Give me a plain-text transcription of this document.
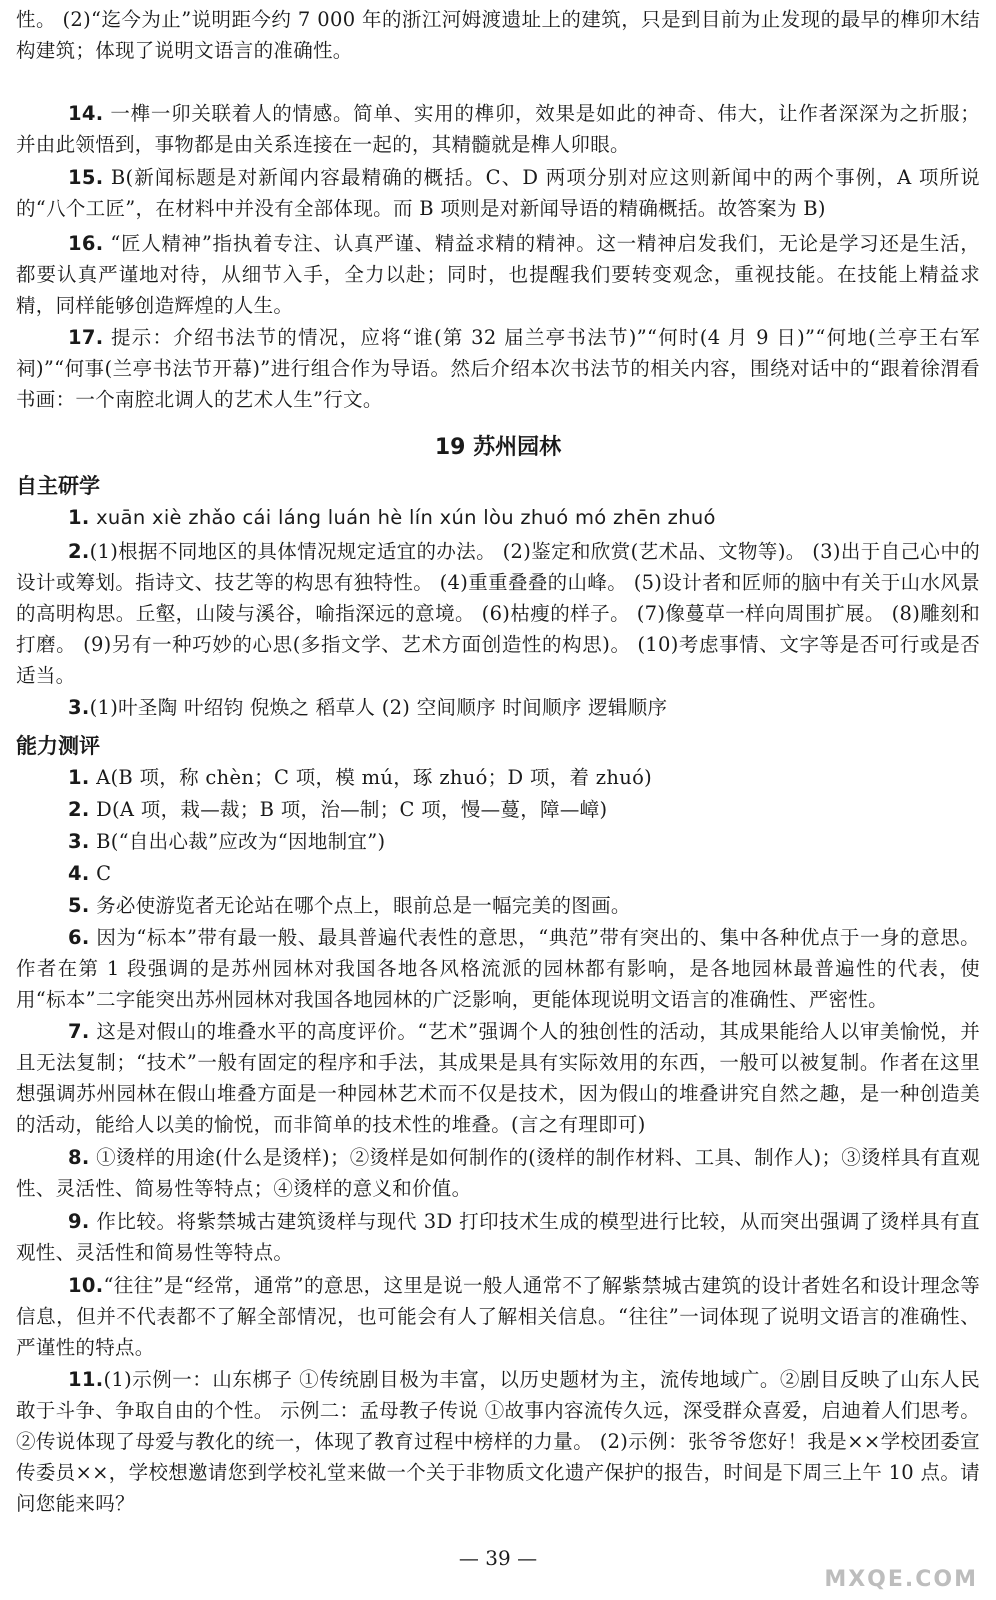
性。 (2)“迄今为止”说明距今约 7 000 年的浙江河姆渡遗址上的建筑，只是到目前为止发现的最早的榫卯木结构建筑；体现了说明文语言的准确性。
14. 一榫一卯关联着人的情感。简单、实用的榫卯，效果是如此的神奇、伟大，让作者深深为之折服；并由此领悟到，事物都是由关系连接在一起的，其精髓就是榫人卯眼。
15. B(新闻标题是对新闻内容最精确的概括。C、D 两项分别对应这则新闻中的两个事例，A 项所说的“八个工匠”，在材料中并没有全部体现。而 B 项则是对新闻导语的精确概括。故答案为 B)
16. “匠人精神”指执着专注、认真严谨、精益求精的精神。这一精神启发我们，无论是学习还是生活，都要认真严谨地对待，从细节入手，全力以赴；同时，也提醒我们要转变观念，重视技能。在技能上精益求精，同样能够创造辉煌的人生。
17. 提示：介绍书法节的情况，应将“谁(第 32 届兰亭书法节)”“何时(4 月 9 日)”“何地(兰亭王右军祠)”“何事(兰亭书法节开幕)”进行组合作为导语。然后介绍本次书法节的相关内容，围绕对话中的“跟着徐渭看书画：一个南腔北调人的艺术人生”行文。
19 苏州园林
自主研学
1. xuān xiè zhǎo cái láng luán hè lín xún lòu zhuó mó zhēn zhuó
2.(1)根据不同地区的具体情况规定适宜的办法。 (2)鉴定和欣赏(艺术品、文物等)。 (3)出于自己心中的设计或筹划。指诗文、技艺等的构思有独特性。 (4)重重叠叠的山峰。 (5)设计者和匠师的脑中有关于山水风景的高明构思。丘壑，山陵与溪谷，喻指深远的意境。 (6)枯瘦的样子。 (7)像蔓草一样向周围扩展。 (8)雕刻和打磨。 (9)另有一种巧妙的心思(多指文学、艺术方面创造性的构思)。 (10)考虑事情、文字等是否可行或是否适当。
3.(1)叶圣陶 叶绍钧 倪焕之 稻草人 (2) 空间顺序 时间顺序 逻辑顺序
能力测评
1. A(B 项，称 chèn；C 项，模 mú，琢 zhuó；D 项，着 zhuó)
2. D(A 项，栽—裁；B 项，治—制；C 项，慢—蔓，障—嶂)
3. B(“自出心裁”应改为“因地制宜”)
4. C
5. 务必使游览者无论站在哪个点上，眼前总是一幅完美的图画。
6. 因为“标本”带有最一般、最具普遍代表性的意思，“典范”带有突出的、集中各种优点于一身的意思。作者在第 1 段强调的是苏州园林对我国各地各风格流派的园林都有影响，是各地园林最普遍性的代表，使用“标本”二字能突出苏州园林对我国各地园林的广泛影响，更能体现说明文语言的准确性、严密性。
7. 这是对假山的堆叠水平的高度评价。“艺术”强调个人的独创性的活动，其成果能给人以审美愉悦，并且无法复制；“技术”一般有固定的程序和手法，其成果是具有实际效用的东西，一般可以被复制。作者在这里想强调苏州园林在假山堆叠方面是一种园林艺术而不仅是技术，因为假山的堆叠讲究自然之趣，是一种创造美的活动，能给人以美的愉悦，而非简单的技术性的堆叠。(言之有理即可)
8. ①烫样的用途(什么是烫样)；②烫样是如何制作的(烫样的制作材料、工具、制作人)；③烫样具有直观性、灵活性、简易性等特点；④烫样的意义和价值。
9. 作比较。将紫禁城古建筑烫样与现代 3D 打印技术生成的模型进行比较，从而突出强调了烫样具有直观性、灵活性和简易性等特点。
10.“往往”是“经常，通常”的意思，这里是说一般人通常不了解紫禁城古建筑的设计者姓名和设计理念等信息，但并不代表都不了解全部情况，也可能会有人了解相关信息。“往往”一词体现了说明文语言的准确性、严谨性的特点。
11.(1)示例一：山东梆子 ①传统剧目极为丰富，以历史题材为主，流传地域广。②剧目反映了山东人民敢于斗争、争取自由的个性。 示例二：孟母教子传说 ①故事内容流传久远，深受群众喜爱，启迪着人们思考。②传说体现了母爱与教化的统一，体现了教育过程中榜样的力量。 (2)示例：张爷爷您好！我是××学校团委宣传委员××，学校想邀请您到学校礼堂来做一个关于非物质文化遗产保护的报告，时间是下周三上午 10 点。请问您能来吗？
— 39 —
MXQE.COM
